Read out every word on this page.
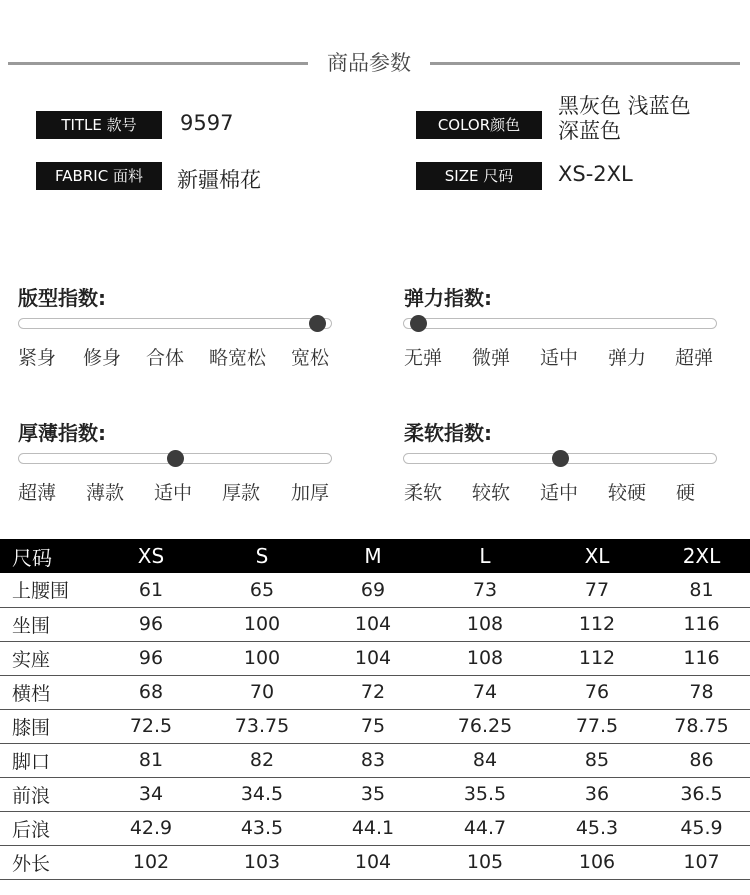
商品参数
TITLE 款号	9597
FABRIC 面料	新疆棉花
COLOR颜色
黑灰色 浅蓝色
深蓝色
SIZE 尺码	XS-2XL
版型指数:
紧身 修身 合体 略宽松 宽松
弹力指数:
无弹 微弹 适中 弹力 超弹
厚薄指数:
超薄 薄款 适中 厚款 加厚
柔软指数:
柔软 较软 适中 较硬 硬
尺码	XS	S	M	L	XL	2XL
上腰围	61	65	69	73	77	81
坐围	96	100	104	108	112	116
实座	96	100	104	108	112	116
横档	68	70	72	74	76	78
膝围	72.5	73.75	75	76.25	77.5	78.75
脚口	81	82	83	84	85	86
前浪	34	34.5	35	35.5	36	36.5
后浪	42.9	43.5	44.1	44.7	45.3	45.9
外长	102	103	104	105	106	107
